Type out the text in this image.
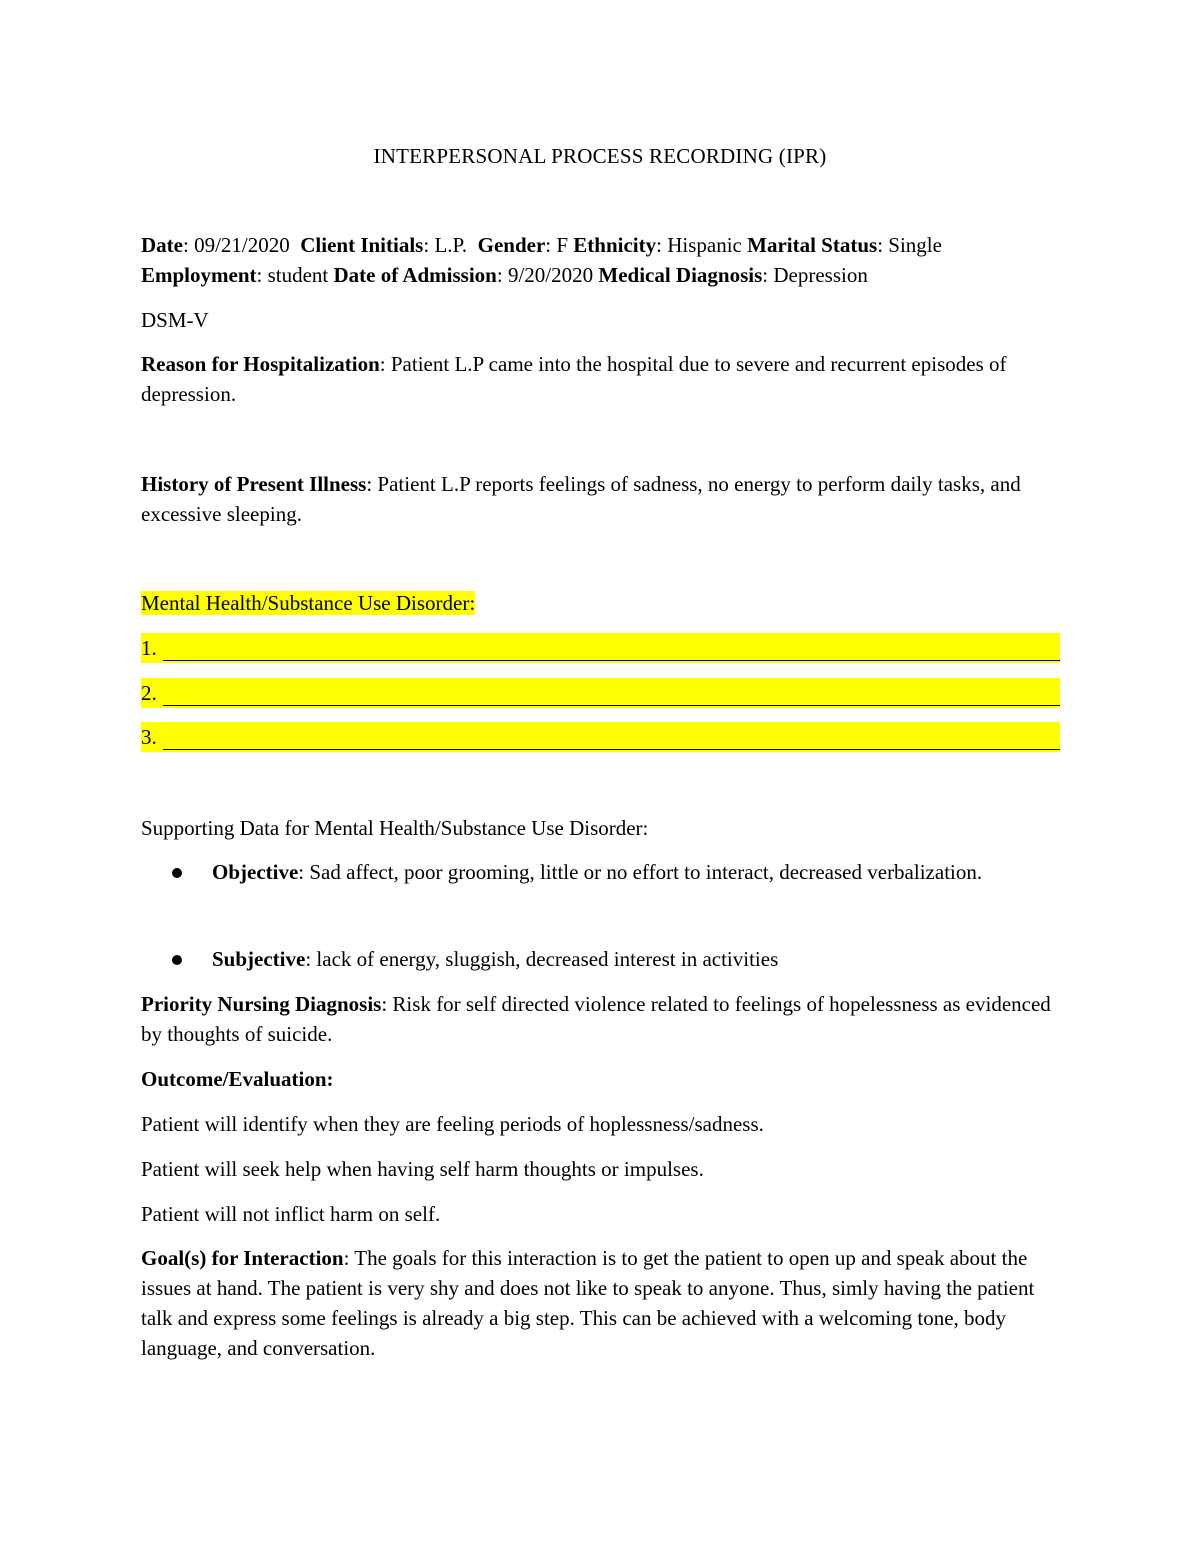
INTERPERSONAL PROCESS RECORDING (IPR)
Date: 09/21/2020 Client Initials: L.P. Gender: F Ethnicity: Hispanic Marital Status: Single
Employment: student Date of Admission: 9/20/2020 Medical Diagnosis: Depression
DSM-V
Reason for Hospitalization: Patient L.P came into the hospital due to severe and recurrent episodes of depression.
History of Present Illness: Patient L.P reports feelings of sadness, no energy to perform daily tasks, and excessive sleeping.
Mental Health/Substance Use Disorder:
1.
2.
3.
Supporting Data for Mental Health/Substance Use Disorder:
Objective: Sad affect, poor grooming, little or no effort to interact, decreased verbalization.
Subjective: lack of energy, sluggish, decreased interest in activities
Priority Nursing Diagnosis: Risk for self directed violence related to feelings of hopelessness as evidenced by thoughts of suicide.
Outcome/Evaluation:
Patient will identify when they are feeling periods of hoplessness/sadness.
Patient will seek help when having self harm thoughts or impulses.
Patient will not inflict harm on self.
Goal(s) for Interaction: The goals for this interaction is to get the patient to open up and speak about the issues at hand. The patient is very shy and does not like to speak to anyone. Thus, simly having the patient talk and express some feelings is already a big step. This can be achieved with a welcoming tone, body language, and conversation.
